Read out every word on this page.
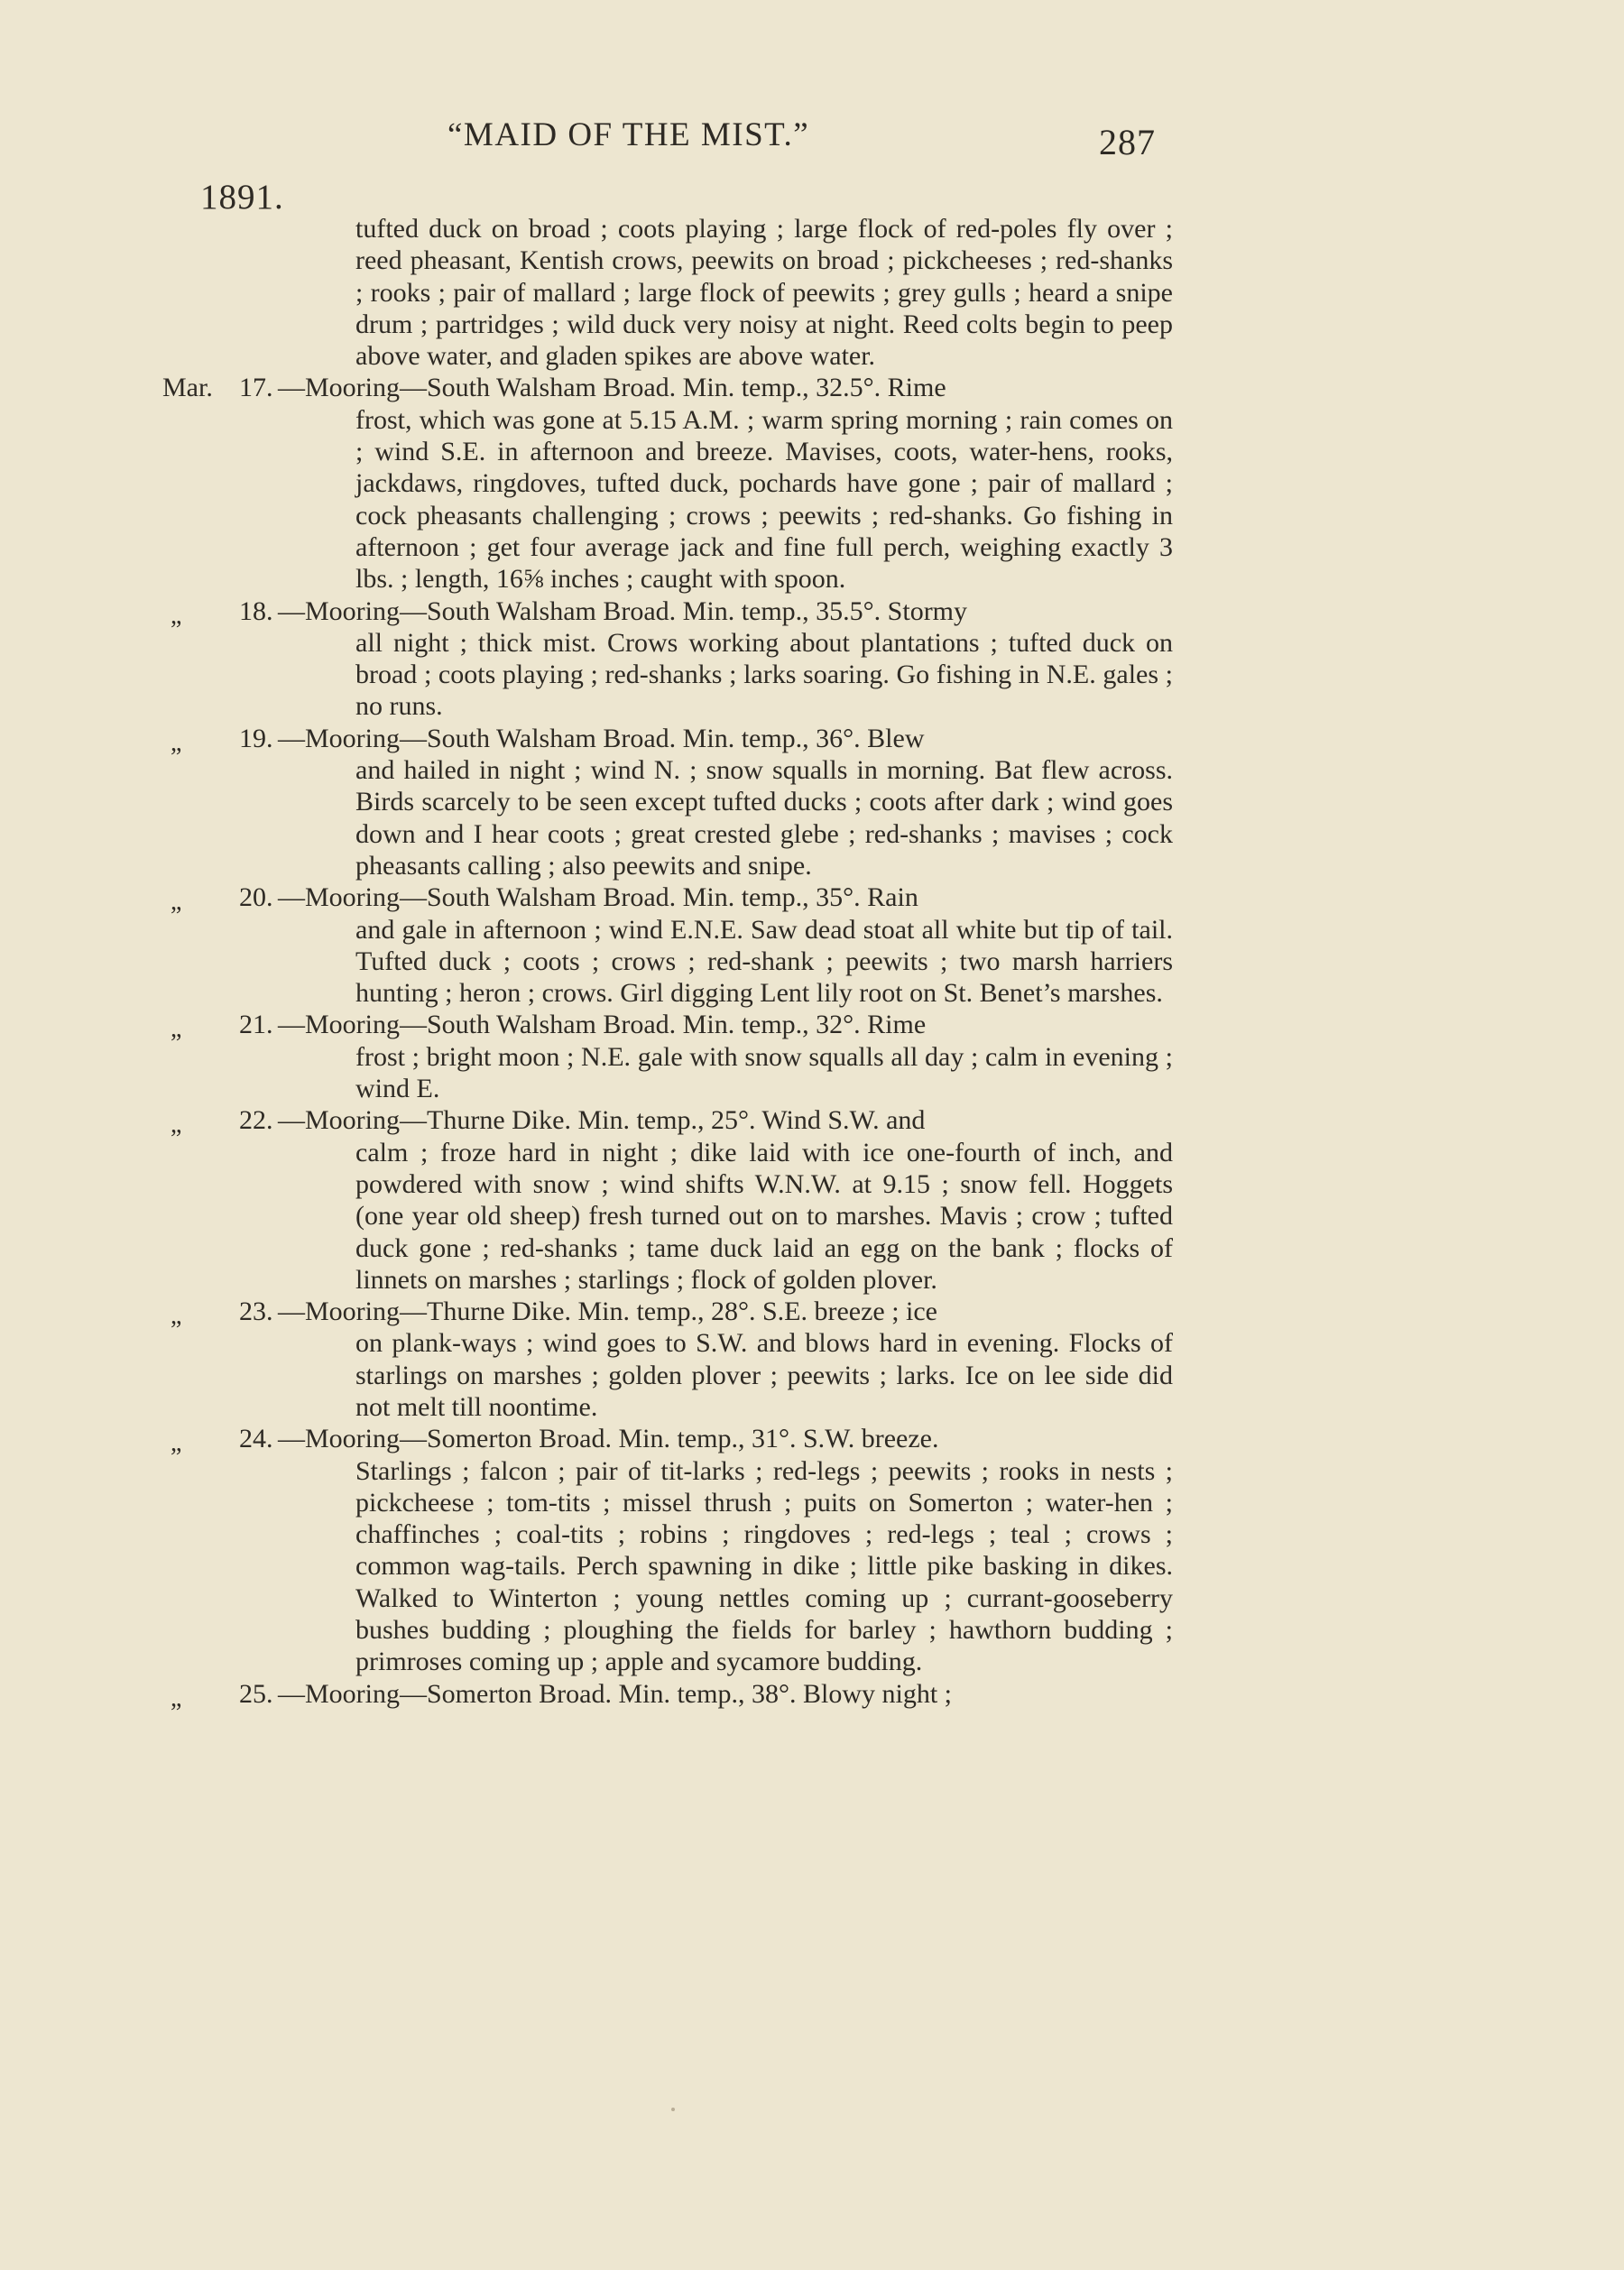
“MAID OF THE MIST.”	287
1891.
tufted duck on broad ; coots playing ; large flock of red-poles fly over ; reed pheasant, Kentish crows, peewits on broad ; pickcheeses ; red-shanks ; rooks ; pair of mallard ; large flock of peewits ; grey gulls ; heard a snipe drum ; partridges ; wild duck very noisy at night. Reed colts begin to peep above water, and gladen spikes are above water.
Mar. 17. —Mooring—South Walsham Broad. Min. temp., 32.5°. Rime
frost, which was gone at 5.15 A.M. ; warm spring morning ; rain comes on ; wind S.E. in afternoon and breeze. Mavises, coots, water-hens, rooks, jackdaws, ringdoves, tufted duck, pochards have gone ; pair of mallard ; cock pheasants challenging ; crows ; peewits ; red-shanks. Go fishing in afternoon ; get four average jack and fine full perch, weighing exactly 3 lbs. ; length, 16⅝ inches ; caught with spoon.
„ 18. —Mooring—South Walsham Broad. Min. temp., 35.5°. Stormy
all night ; thick mist. Crows working about plantations ; tufted duck on broad ; coots playing ; red-shanks ; larks soaring. Go fishing in N.E. gales ; no runs.
„ 19. —Mooring—South Walsham Broad. Min. temp., 36°. Blew
and hailed in night ; wind N. ; snow squalls in morning. Bat flew across. Birds scarcely to be seen except tufted ducks ; coots after dark ; wind goes down and I hear coots ; great crested glebe ; red-shanks ; mavises ; cock pheasants calling ; also peewits and snipe.
„ 20. —Mooring—South Walsham Broad. Min. temp., 35°. Rain
and gale in afternoon ; wind E.N.E. Saw dead stoat all white but tip of tail. Tufted duck ; coots ; crows ; red-shank ; peewits ; two marsh harriers hunting ; heron ; crows. Girl digging Lent lily root on St. Benet’s marshes.
„ 21. —Mooring—South Walsham Broad. Min. temp., 32°. Rime
frost ; bright moon ; N.E. gale with snow squalls all day ; calm in evening ; wind E.
„ 22. —Mooring—Thurne Dike. Min. temp., 25°. Wind S.W. and
calm ; froze hard in night ; dike laid with ice one-fourth of inch, and powdered with snow ; wind shifts W.N.W. at 9.15 ; snow fell. Hoggets (one year old sheep) fresh turned out on to marshes. Mavis ; crow ; tufted duck gone ; red-shanks ; tame duck laid an egg on the bank ; flocks of linnets on marshes ; starlings ; flock of golden plover.
„ 23. —Mooring—Thurne Dike. Min. temp., 28°. S.E. breeze ; ice
on plank-ways ; wind goes to S.W. and blows hard in evening. Flocks of starlings on marshes ; golden plover ; peewits ; larks. Ice on lee side did not melt till noontime.
„ 24. —Mooring—Somerton Broad. Min. temp., 31°. S.W. breeze.
Starlings ; falcon ; pair of tit-larks ; red-legs ; peewits ; rooks in nests ; pickcheese ; tom-tits ; missel thrush ; puits on Somerton ; water-hen ; chaffinches ; coal-tits ; robins ; ringdoves ; red-legs ; teal ; crows ; common wag-tails. Perch spawning in dike ; little pike basking in dikes. Walked to Winterton ; young nettles coming up ; currant-gooseberry bushes budding ; ploughing the fields for barley ; hawthorn budding ; primroses coming up ; apple and sycamore budding.
„ 25. —Mooring—Somerton Broad. Min. temp., 38°. Blowy night ;
